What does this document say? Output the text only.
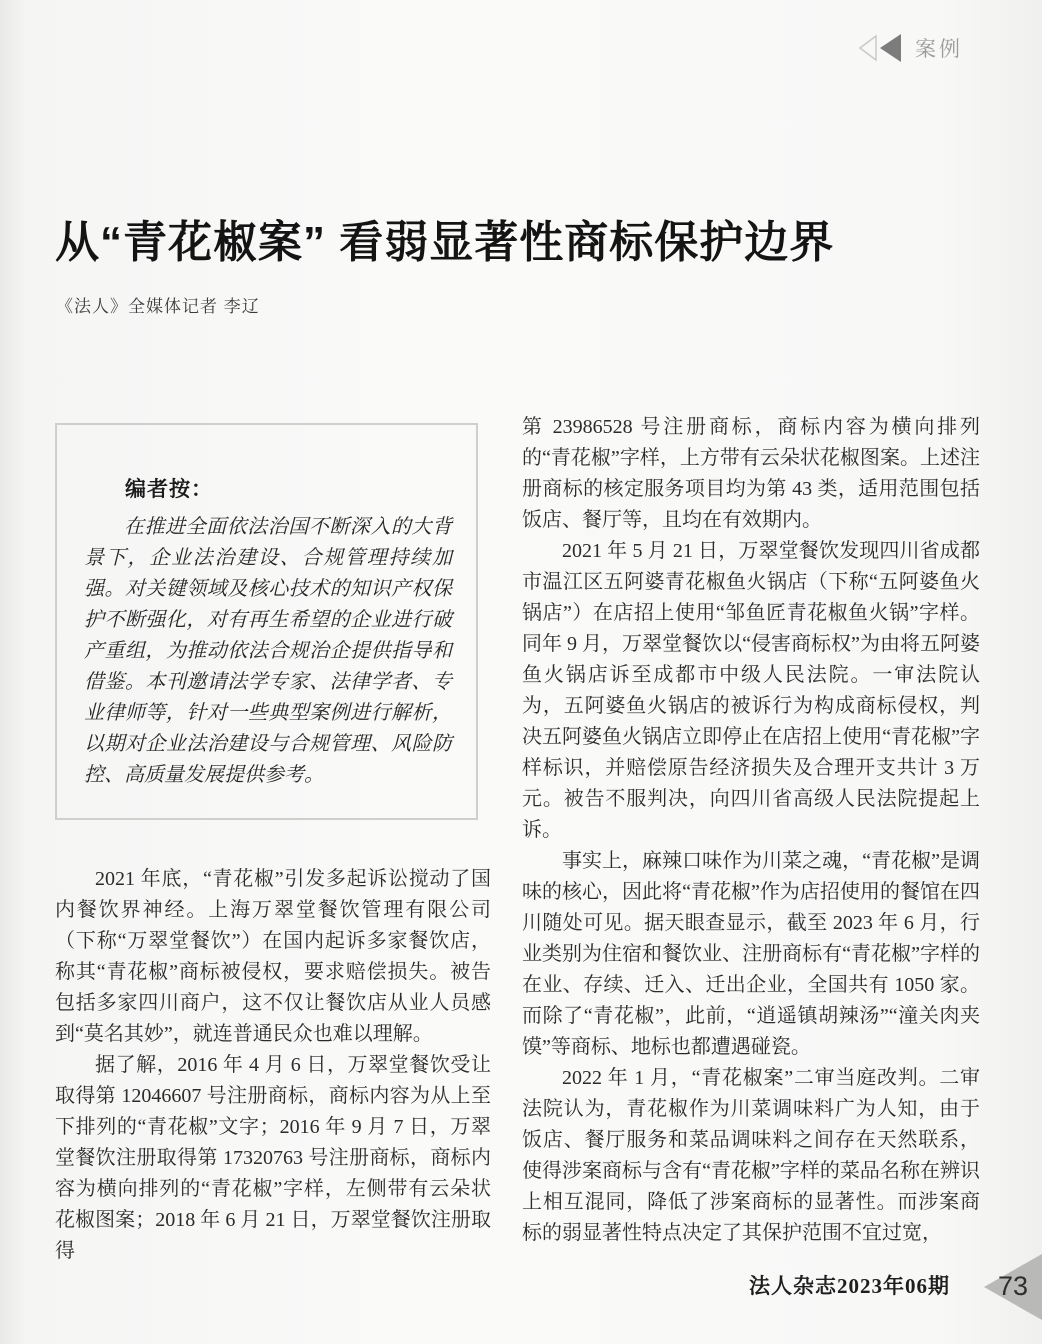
案例
从“青花椒案” 看弱显著性商标保护边界
《法人》全媒体记者 李辽
编者按：

在推进全面依法治国不断深入的大背景下，企业法治建设、合规管理持续加强。对关键领域及核心技术的知识产权保护不断强化，对有再生希望的企业进行破产重组，为推动依法合规治企提供指导和借鉴。本刊邀请法学专家、法律学者、专业律师等，针对一些典型案例进行解析，以期对企业法治建设与合规管理、风险防控、高质量发展提供参考。

2021 年底，“青花椒”引发多起诉讼搅动了国内餐饮界神经。上海万翠堂餐饮管理有限公司（下称“万翠堂餐饮”）在国内起诉多家餐饮店，称其“青花椒”商标被侵权，要求赔偿损失。被告包括多家四川商户，这不仅让餐饮店从业人员感到“莫名其妙”，就连普通民众也难以理解。

据了解，2016 年 4 月 6 日，万翠堂餐饮受让取得第 12046607 号注册商标，商标内容为从上至下排列的“青花椒”文字；2016 年 9 月 7 日，万翠堂餐饮注册取得第 17320763 号注册商标，商标内容为横向排列的“青花椒”字样，左侧带有云朵状花椒图案；2018 年 6 月 21 日，万翠堂餐饮注册取得

第 23986528 号注册商标，商标内容为横向排列的“青花椒”字样，上方带有云朵状花椒图案。上述注册商标的核定服务项目均为第 43 类，适用范围包括饭店、餐厅等，且均在有效期内。

2021 年 5 月 21 日，万翠堂餐饮发现四川省成都市温江区五阿婆青花椒鱼火锅店（下称“五阿婆鱼火锅店”）在店招上使用“邹鱼匠青花椒鱼火锅”字样。同年 9 月，万翠堂餐饮以“侵害商标权”为由将五阿婆鱼火锅店诉至成都市中级人民法院。一审法院认为，五阿婆鱼火锅店的被诉行为构成商标侵权，判决五阿婆鱼火锅店立即停止在店招上使用“青花椒”字样标识，并赔偿原告经济损失及合理开支共计 3 万元。被告不服判决，向四川省高级人民法院提起上诉。

事实上，麻辣口味作为川菜之魂，“青花椒”是调味的核心，因此将“青花椒”作为店招使用的餐馆在四川随处可见。据天眼查显示，截至 2023 年 6 月，行业类别为住宿和餐饮业、注册商标有“青花椒”字样的在业、存续、迁入、迁出企业，全国共有 1050 家。而除了“青花椒”，此前，“逍遥镇胡辣汤”“潼关肉夹馍”等商标、地标也都遭遇碰瓷。

2022 年 1 月，“青花椒案”二审当庭改判。二审法院认为，青花椒作为川菜调味料广为人知，由于饭店、餐厅服务和菜品调味料之间存在天然联系，使得涉案商标与含有“青花椒”字样的菜品名称在辨识上相互混同，降低了涉案商标的显著性。而涉案商标的弱显著性特点决定了其保护范围不宜过宽，

法人杂志2023年06期 73
